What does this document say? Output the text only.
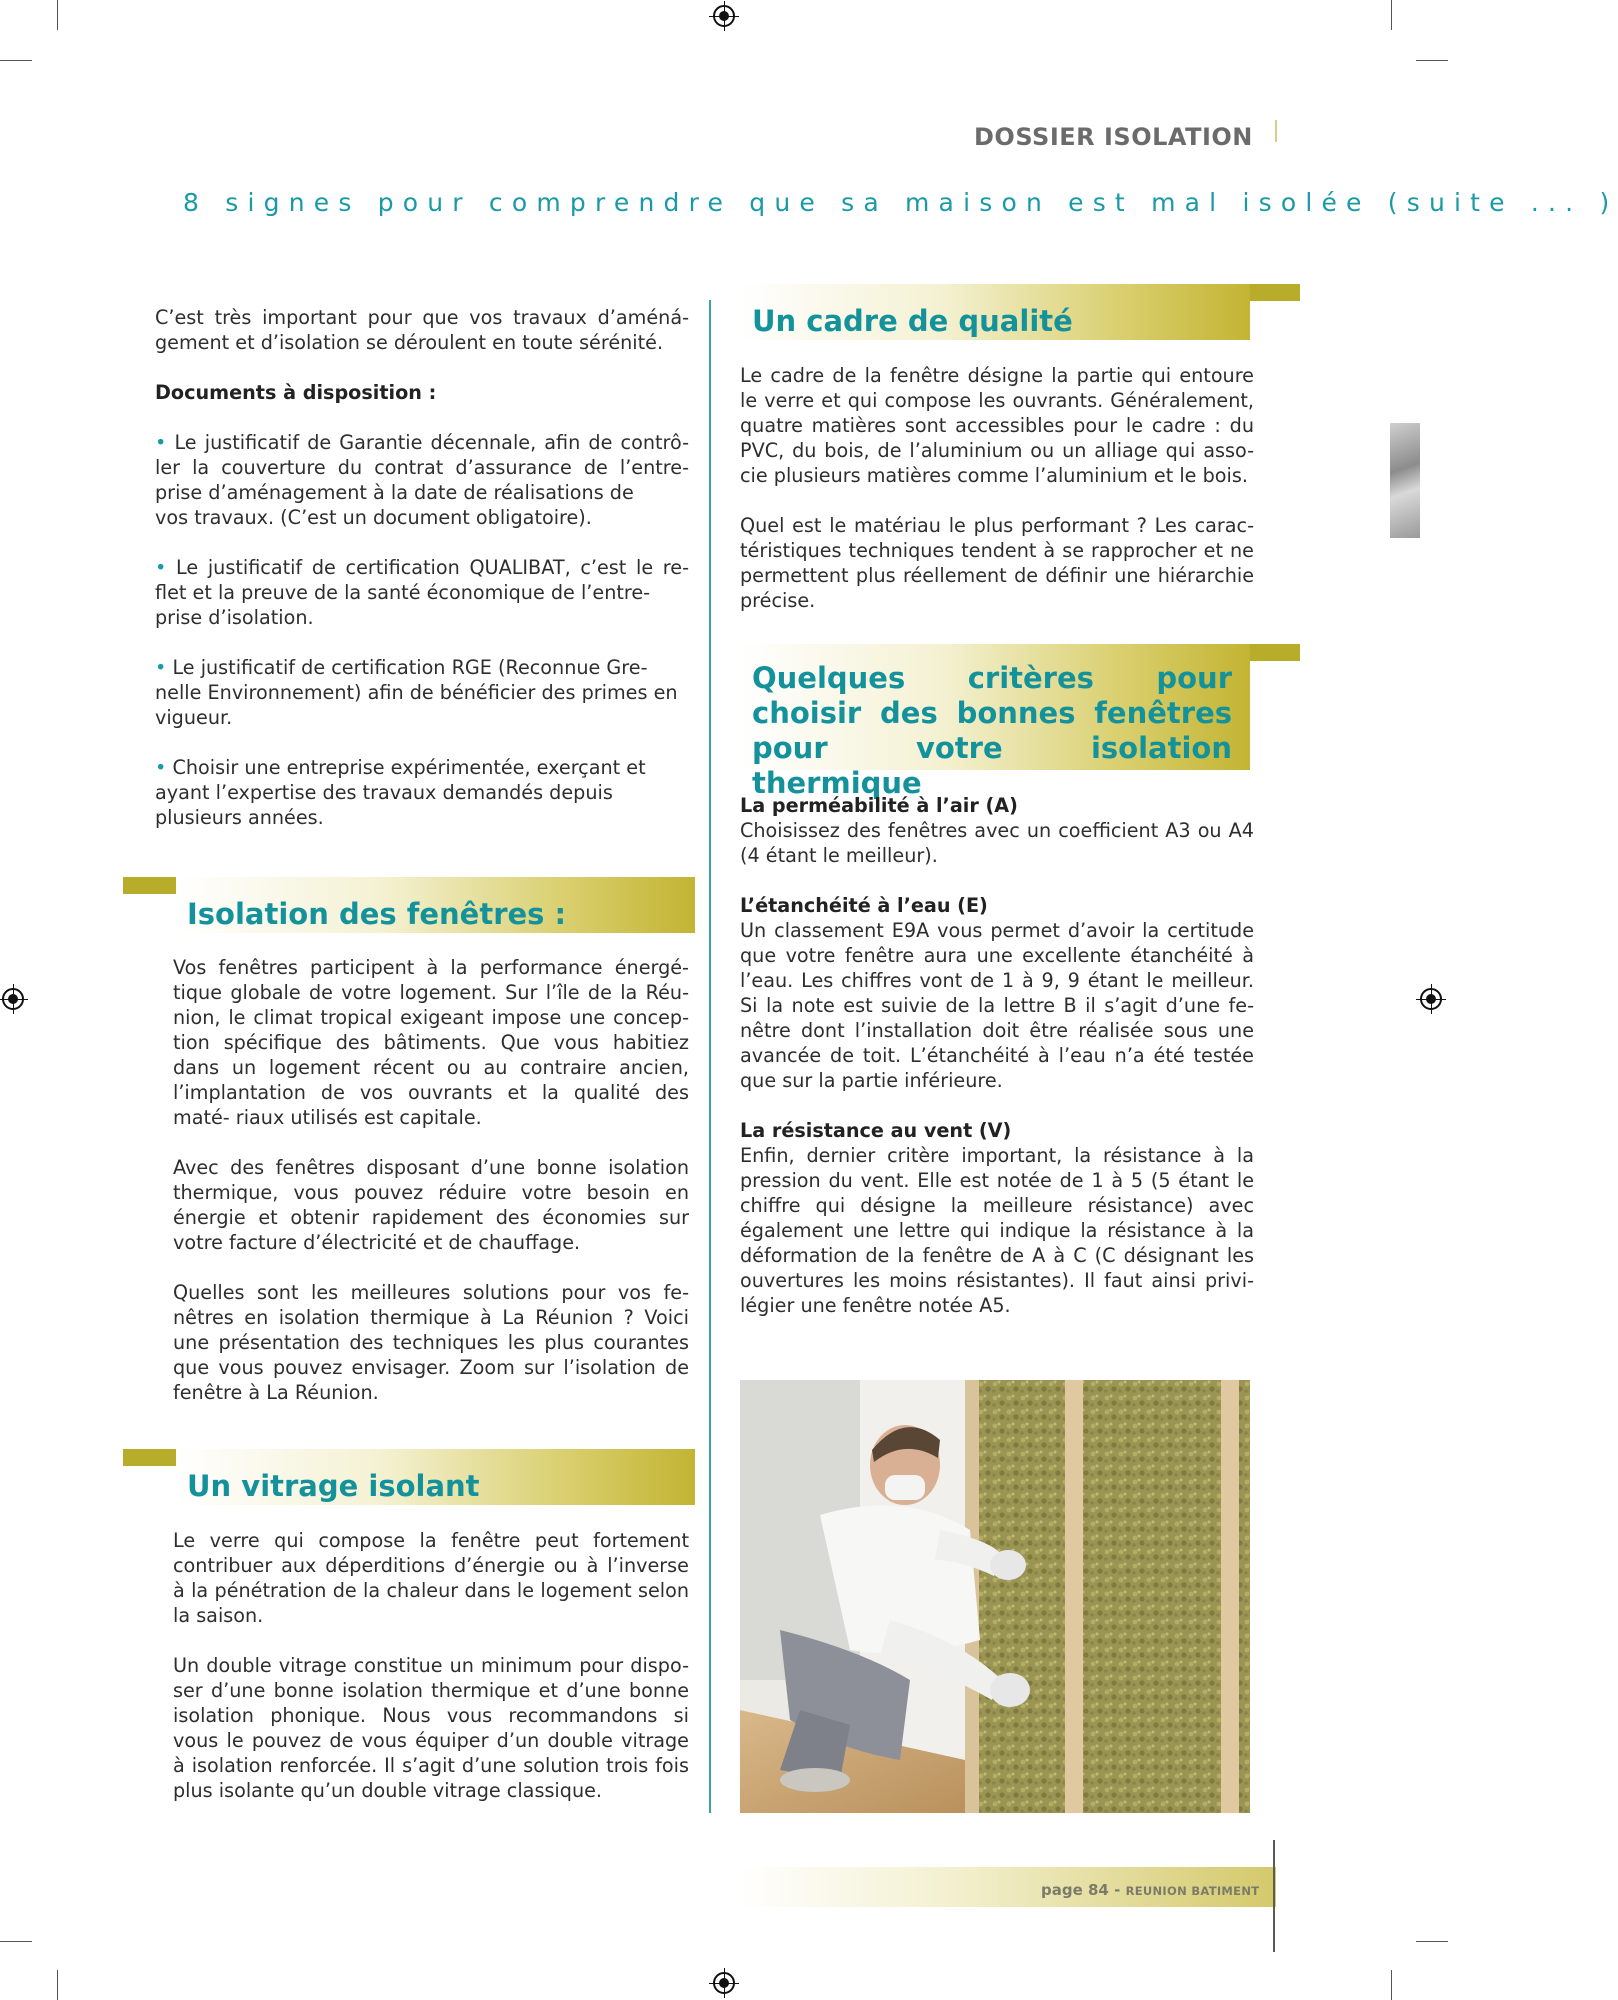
DOSSIER ISOLATION
8 signes pour comprendre que sa maison est mal isolée (suite ... )

C’est très important pour que vos travaux d’améná- gement et d’isolation se déroulent en toute sérénité.

Documents à disposition :

• Le justificatif de Garantie décennale, afin de contrô- ler la couverture du contrat d’assurance de l’entre- prise d’aménagement à la date de réalisations de
vos travaux. (C’est un document obligatoire).

• Le justificatif de certification QUALIBAT, c’est le re- flet et la preuve de la santé économique de l’entre-
prise d’isolation.

• Le justificatif de certification RGE (Reconnue Gre- nelle Environnement) afin de bénéficier des primes en vigueur.

• Choisir une entreprise expérimentée, exerçant et ayant l’expertise des travaux demandés depuis plusieurs années.

Isolation des fenêtres :

Vos fenêtres participent à la performance énergé- tique globale de votre logement. Sur l’île de la Réu- nion, le climat tropical exigeant impose une concep- tion spécifique des bâtiments. Que vous habitiez dans un logement récent ou au contraire ancien, l’implantation de vos ouvrants et la qualité des maté- riaux utilisés est capitale.

Avec des fenêtres disposant d’une bonne isolation thermique, vous pouvez réduire votre besoin en énergie et obtenir rapidement des économies sur votre facture d’électricité et de chauffage.

Quelles sont les meilleures solutions pour vos fe- nêtres en isolation thermique à La Réunion ? Voici une présentation des techniques les plus courantes que vous pouvez envisager. Zoom sur l’isolation de fenêtre à La Réunion.

Un vitrage isolant

Le verre qui compose la fenêtre peut fortement contribuer aux déperditions d’énergie ou à l’inverse à la pénétration de la chaleur dans le logement selon la saison.

Un double vitrage constitue un minimum pour dispo- ser d’une bonne isolation thermique et d’une bonne isolation phonique. Nous vous recommandons si vous le pouvez de vous équiper d’un double vitrage à isolation renforcée. Il s’agit d’une solution trois fois plus isolante qu’un double vitrage classique.

Un cadre de qualité

Le cadre de la fenêtre désigne la partie qui entoure le verre et qui compose les ouvrants. Généralement, quatre matières sont accessibles pour le cadre : du PVC, du bois, de l’aluminium ou un alliage qui asso- cie plusieurs matières comme l’aluminium et le bois.

Quel est le matériau le plus performant ? Les carac- téristiques techniques tendent à se rapprocher et ne permettent plus réellement de définir une hiérarchie précise.

Quelques critères pour choisir des bonnes fenêtres pour votre isolation thermique

La perméabilité à l’air (A)
Choisissez des fenêtres avec un coefficient A3 ou A4 (4 étant le meilleur).

L’étanchéité à l’eau (E)
Un classement E9A vous permet d’avoir la certitude que votre fenêtre aura une excellente étanchéité à l’eau. Les chiffres vont de 1 à 9, 9 étant le meilleur. Si la note est suivie de la lettre B il s’agit d’une fe- nêtre dont l’installation doit être réalisée sous une avancée de toit. L’étanchéité à l’eau n’a été testée que sur la partie inférieure.

La résistance au vent (V)
Enfin, dernier critère important, la résistance à la pression du vent. Elle est notée de 1 à 5 (5 étant le chiffre qui désigne la meilleure résistance) avec également une lettre qui indique la résistance à la déformation de la fenêtre de A à C (C désignant les ouvertures les moins résistantes). Il faut ainsi privi- légier une fenêtre notée A5.

page 84 - REUNION BATIMENT
